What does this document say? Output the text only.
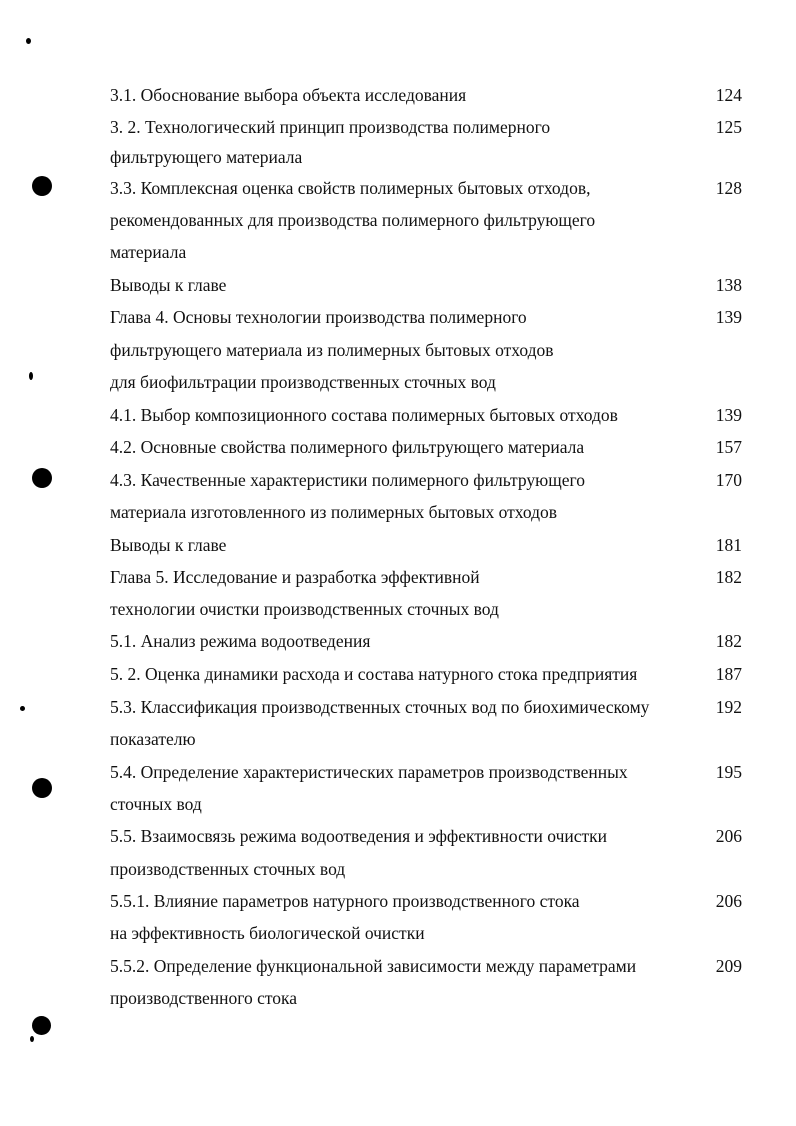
3.1. Обоснование выбора объекта исследования	124
3. 2. Технологический принцип производства полимерного	125
фильтрующего материала
3.3. Комплексная оценка свойств полимерных бытовых отходов,	128
рекомендованных для производства полимерного фильтрующего
материала
Выводы к главе	138
Глава 4. Основы технологии производства полимерного	139
фильтрующего материала из полимерных бытовых отходов
для биофильтрации производственных сточных вод
4.1. Выбор композиционного состава полимерных бытовых отходов	139
4.2. Основные свойства полимерного фильтрующего материала	157
4.3. Качественные характеристики полимерного фильтрующего	170
материала изготовленного из полимерных бытовых отходов
Выводы к главе	181
Глава 5. Исследование и разработка эффективной	182
технологии очистки производственных сточных вод
5.1. Анализ режима водоотведения	182
5. 2. Оценка динамики расхода и состава натурного стока предприятия	187
5.3. Классификация производственных сточных вод по биохимическому	192
показателю
5.4. Определение характеристических параметров производственных	195
сточных вод
5.5. Взаимосвязь режима водоотведения и эффективности очистки	206
производственных сточных вод
5.5.1. Влияние параметров натурного производственного стока	206
на эффективность биологической очистки
5.5.2. Определение функциональной зависимости между параметрами	209
производственного стока
